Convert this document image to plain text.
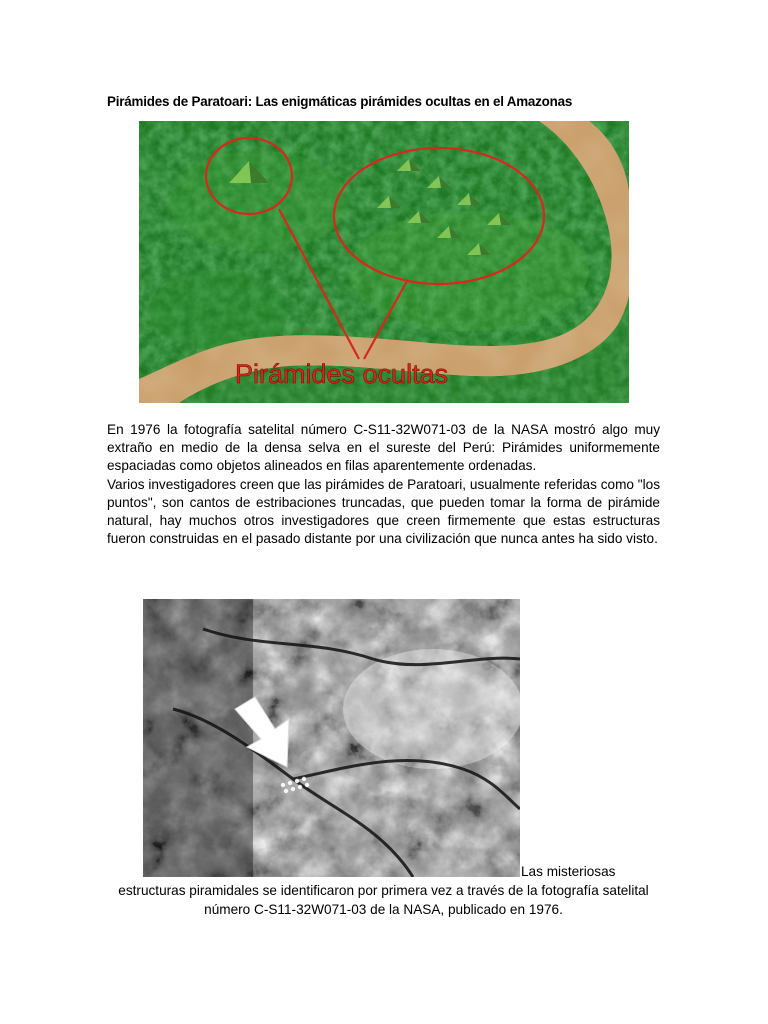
Pirámides de Paratoari: Las enigmáticas pirámides ocultas en el Amazonas
Pirámides ocultas

En 1976 la fotografía satelital número C-S11-32W071-03 de la NASA mostró algo muy extraño en medio de la densa selva en el sureste del Perú: Pirámides uniformemente espaciadas como objetos alineados en filas aparentemente ordenadas.

Varios investigadores creen que las pirámides de Paratoari, usualmente referidas como "los puntos", son cantos de estribaciones truncadas, que pueden tomar la forma de pirámide natural, hay muchos otros investigadores que creen firmemente que estas estructuras fueron construidas en el pasado distante por una civilización que nunca antes ha sido visto.

Las misteriosas
estructuras piramidales se identificaron por primera vez a través de la fotografía satelital número C-S11-32W071-03 de la NASA, publicado en 1976.
